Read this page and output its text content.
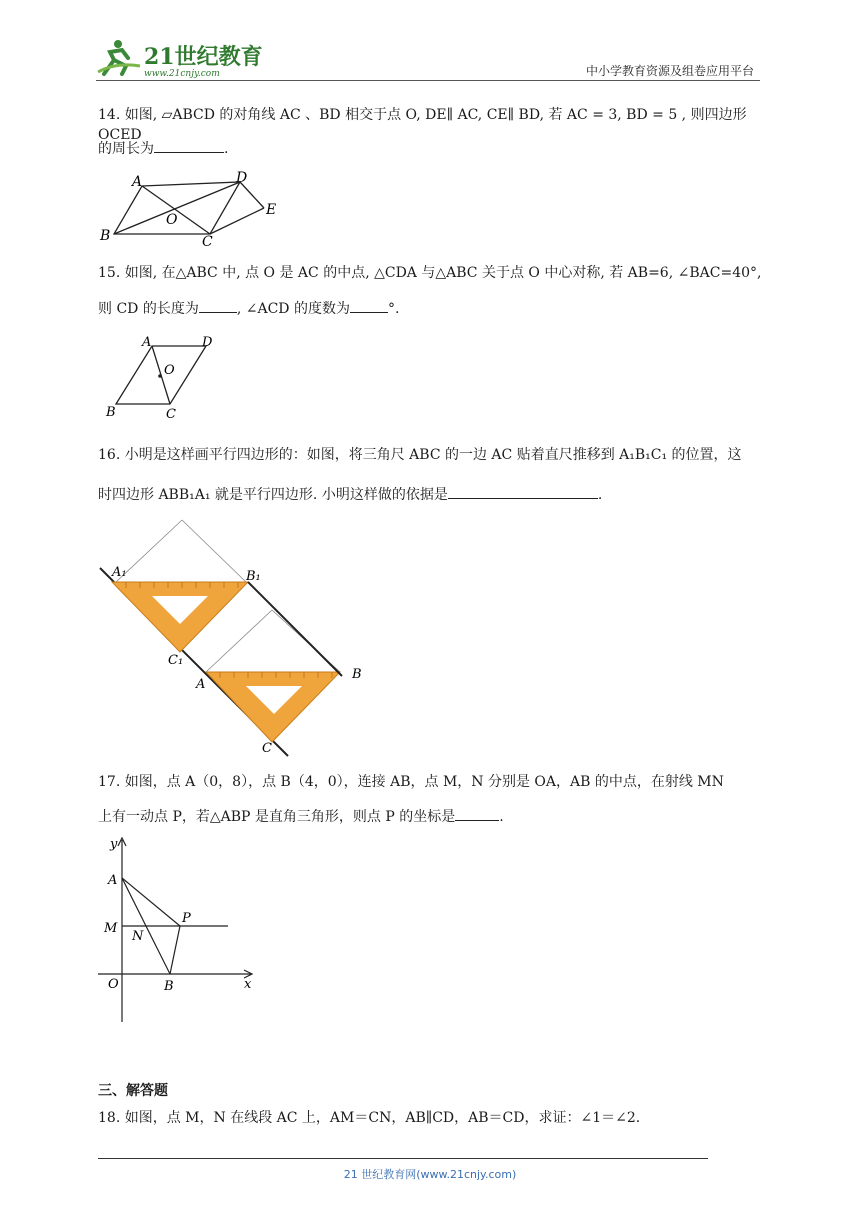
21世纪教育
www.21cnjy.com	中小学教育资源及组卷应用平台
14. 如图, ▱ABCD 的对角线 AC 、BD 相交于点 O, DE∥ AC, CE∥ BD, 若 AC = 3, BD = 5 , 则四边形 OCED
的周长为	.
A	D
E
O
B	C
15. 如图, 在△ABC 中, 点 O 是 AC 的中点, △CDA 与△ABC 关于点 O 中心对称, 若 AB=6, ∠BAC=40°,
则 CD 的长度为	, ∠ACD 的度数为	°.
A	D
O
B	C
16. 小明是这样画平行四边形的：如图，将三角尺 ABC 的一边 AC 贴着直尺推移到 A₁B₁C₁ 的位置，这
时四边形 ABB₁A₁ 就是平行四边形. 小明这样做的依据是	.
A₁	B₁
C₁
A
B
C
17. 如图，点 A（0，8），点 B（4，0），连接 AB，点 M，N 分别是 OA，AB 的中点，在射线 MN
上有一动点 P，若△ABP 是直角三角形，则点 P 的坐标是	.
y
A
M
N
P
O	B	x
三、解答题
18. 如图，点 M，N 在线段 AC 上，AM＝CN，AB∥CD，AB＝CD，求证：∠1＝∠2.
21 世纪教育网(www.21cnjy.com)
